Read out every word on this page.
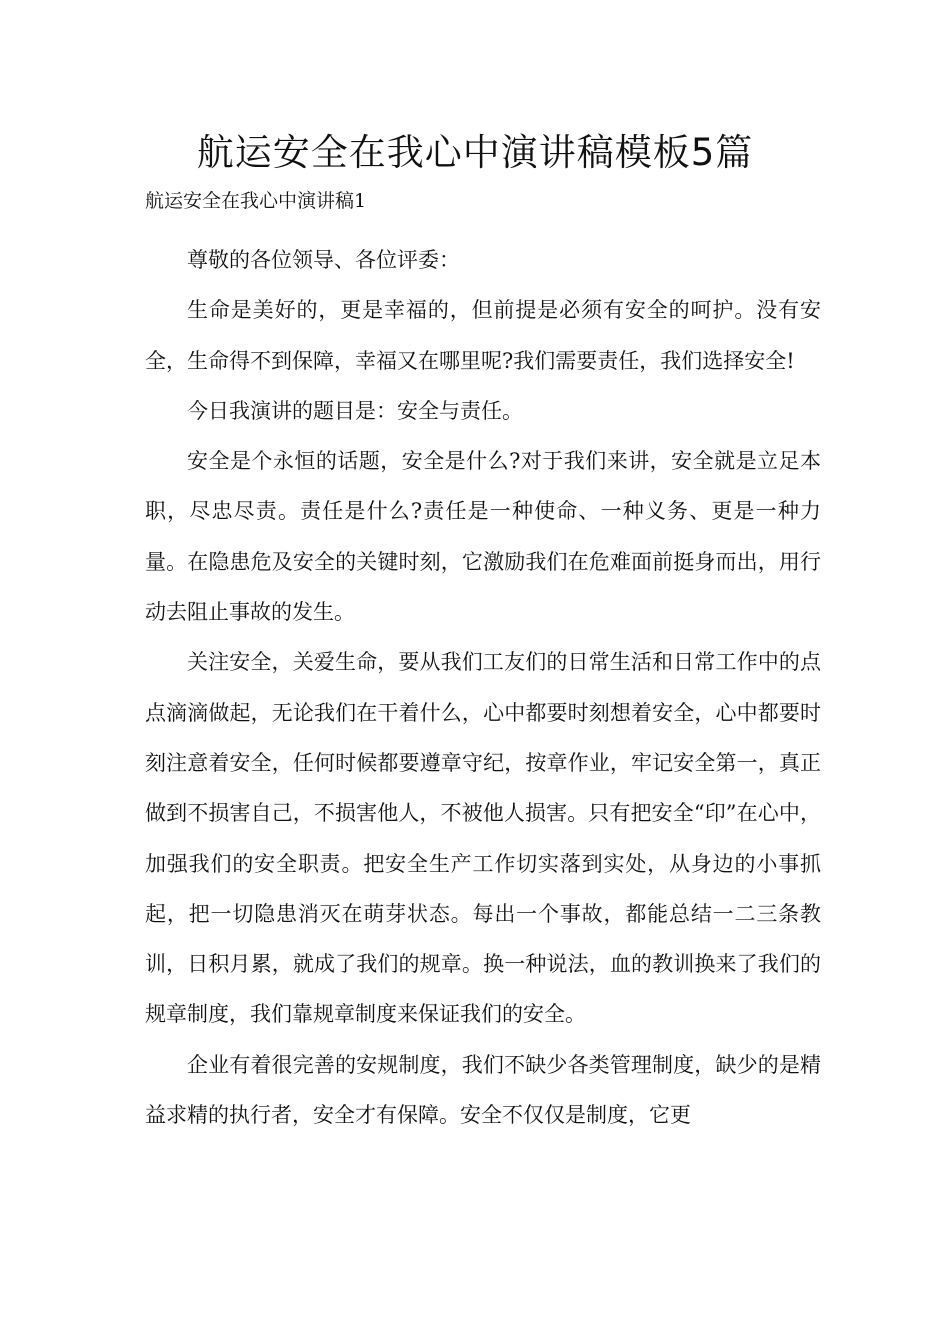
航运安全在我心中演讲稿模板5篇
航运安全在我心中演讲稿1

尊敬的各位领导、各位评委：

生命是美好的，更是幸福的，但前提是必须有安全的呵护。没有安全，生命得不到保障，幸福又在哪里呢?我们需要责任，我们选择安全!

今日我演讲的题目是：安全与责任。

安全是个永恒的话题，安全是什么?对于我们来讲，安全就是立足本职，尽忠尽责。责任是什么?责任是一种使命、一种义务、更是一种力量。在隐患危及安全的关键时刻，它激励我们在危难面前挺身而出，用行动去阻止事故的发生。

关注安全，关爱生命，要从我们工友们的日常生活和日常工作中的点点滴滴做起，无论我们在干着什么，心中都要时刻想着安全，心中都要时刻注意着安全，任何时候都要遵章守纪，按章作业，牢记安全第一，真正做到不损害自己，不损害他人，不被他人损害。只有把安全“印”在心中，加强我们的安全职责。把安全生产工作切实落到实处，从身边的小事抓起，把一切隐患消灭在萌芽状态。每出一个事故，都能总结一二三条教训，日积月累，就成了我们的规章。换一种说法，血的教训换来了我们的规章制度，我们靠规章制度来保证我们的安全。

企业有着很完善的安规制度，我们不缺少各类管理制度，缺少的是精益求精的执行者，安全才有保障。安全不仅仅是制度，它更
